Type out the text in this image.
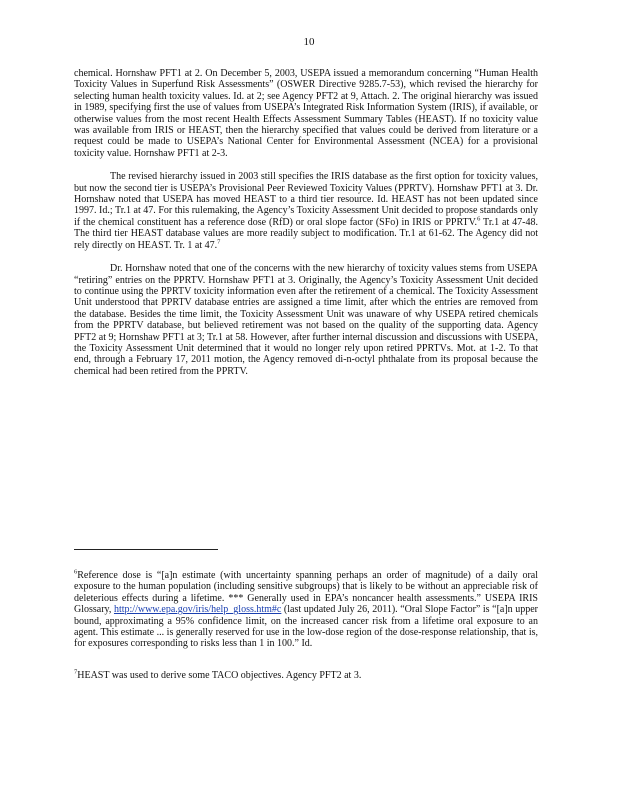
10

chemical. Hornshaw PFT1 at 2. On December 5, 2003, USEPA issued a memorandum concerning “Human Health Toxicity Values in Superfund Risk Assessments” (OSWER Directive 9285.7-53), which revised the hierarchy for selecting human health toxicity values. Id. at 2; see Agency PFT2 at 9, Attach. 2. The original hierarchy was issued in 1989, specifying first the use of values from USEPA’s Integrated Risk Information System (IRIS), if available, or otherwise values from the most recent Health Effects Assessment Summary Tables (HEAST). If no toxicity value was available from IRIS or HEAST, then the hierarchy specified that values could be derived from literature or a request could be made to USEPA’s National Center for Environmental Assessment (NCEA) for a provisional toxicity value. Hornshaw PFT1 at 2-3.

The revised hierarchy issued in 2003 still specifies the IRIS database as the first option for toxicity values, but now the second tier is USEPA’s Provisional Peer Reviewed Toxicity Values (PPRTV). Hornshaw PFT1 at 3. Dr. Hornshaw noted that USEPA has moved HEAST to a third tier resource. Id. HEAST has not been updated since 1997. Id.; Tr.1 at 47. For this rulemaking, the Agency’s Toxicity Assessment Unit decided to propose standards only if the chemical constituent has a reference dose (RfD) or oral slope factor (SFo) in IRIS or PPRTV.$^6$ Tr.1 at 47-48. The third tier HEAST database values are more readily subject to modification. Tr.1 at 61-62. The Agency did not rely directly on HEAST. Tr. 1 at 47.$^7$

Dr. Hornshaw noted that one of the concerns with the new hierarchy of toxicity values stems from USEPA “retiring” entries on the PPRTV. Hornshaw PFT1 at 3. Originally, the Agency’s Toxicity Assessment Unit decided to continue using the PPRTV toxicity information even after the retirement of a chemical. The Toxicity Assessment Unit understood that PPRTV database entries are assigned a time limit, after which the entries are removed from the database. Besides the time limit, the Toxicity Assessment Unit was unaware of why USEPA retired chemicals from the PPRTV database, but believed retirement was not based on the quality of the supporting data. Agency PFT2 at 9; Hornshaw PFT1 at 3; Tr.1 at 58. However, after further internal discussion and discussions with USEPA, the Toxicity Assessment Unit determined that it would no longer rely upon retired PPRTVs. Mot. at 1-2. To that end, through a February 17, 2011 motion, the Agency removed di-n-octyl phthalate from its proposal because the chemical had been retired from the PPRTV.

$^6$Reference dose is “[a]n estimate (with uncertainty spanning perhaps an order of magnitude) of a daily oral exposure to the human population (including sensitive subgroups) that is likely to be without an appreciable risk of deleterious effects during a lifetime. *** Generally used in EPA’s noncancer health assessments.” USEPA IRIS Glossary, http://www.epa.gov/iris/help_gloss.htm#c (last updated July 26, 2011). “Oral Slope Factor” is “[a]n upper bound, approximating a 95% confidence limit, on the increased cancer risk from a lifetime oral exposure to an agent. This estimate ... is generally reserved for use in the low-dose region of the dose-response relationship, that is, for exposures corresponding to risks less than 1 in 100.” Id.

$^7$HEAST was used to derive some TACO objectives. Agency PFT2 at 3.
